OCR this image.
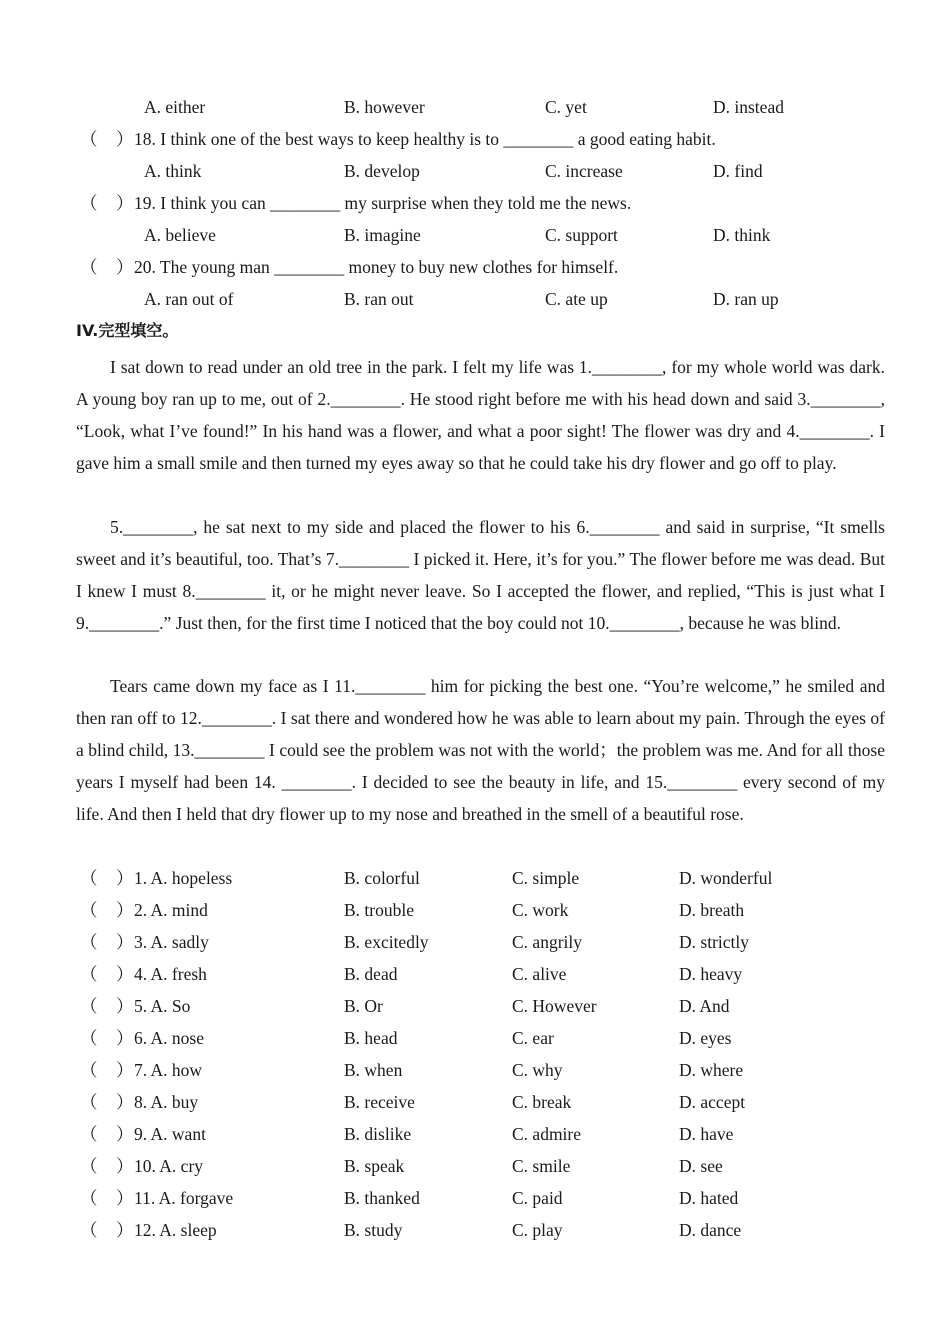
A. either	B. however	C. yet	D. instead
（ ） 18. I think one of the best ways to keep healthy is to ________ a good eating habit.
A. think	B. develop	C. increase	D. find
（ ） 19. I think you can ________ my surprise when they told me the news.
A. believe	B. imagine	C. support	D. think
（ ） 20. The young man ________ money to buy new clothes for himself.
A. ran out of	B. ran out	C. ate up	D. ran up
IV.完型填空。

I sat down to read under an old tree in the park. I felt my life was 1.________, for my whole world was dark. A young boy ran up to me, out of 2.________. He stood right before me with his head down and said 3.________, “Look, what I’ve found!” In his hand was a flower, and what a poor sight! The flower was dry and 4.________. I gave him a small smile and then turned my eyes away so that he could take his dry flower and go off to play.

5.________, he sat next to my side and placed the flower to his 6.________ and said in surprise, “It smells sweet and it’s beautiful, too. That’s 7.________ I picked it. Here, it’s for you.” The flower before me was dead. But I knew I must 8.________ it, or he might never leave. So I accepted the flower, and replied, “This is just what I 9.________.” Just then, for the first time I noticed that the boy could not 10.________, because he was blind.

Tears came down my face as I 11.________ him for picking the best one. “You’re welcome,” he smiled and then ran off to 12.________. I sat there and wondered how he was able to learn about my pain. Through the eyes of a blind child, 13.________ I could see the problem was not with the world；the problem was me. And for all those years I myself had been 14. ________. I decided to see the beauty in life, and 15.________ every second of my life. And then I held that dry flower up to my nose and breathed in the smell of a beautiful rose.

（ ） 1. A. hopeless	B. colorful	C. simple	D. wonderful
（ ） 2. A. mind	B. trouble	C. work	D. breath
（ ） 3. A. sadly	B. excitedly	C. angrily	D. strictly
（ ） 4. A. fresh	B. dead	C. alive	D. heavy
（ ） 5. A. So	B. Or	C. However	D. And
（ ） 6. A. nose	B. head	C. ear	D. eyes
（ ） 7. A. how	B. when	C. why	D. where
（ ） 8. A. buy	B. receive	C. break	D. accept
（ ） 9. A. want	B. dislike	C. admire	D. have
（ ） 10. A. cry	B. speak	C. smile	D. see
（ ） 11. A. forgave	B. thanked	C. paid	D. hated
（ ） 12. A. sleep	B. study	C. play	D. dance
